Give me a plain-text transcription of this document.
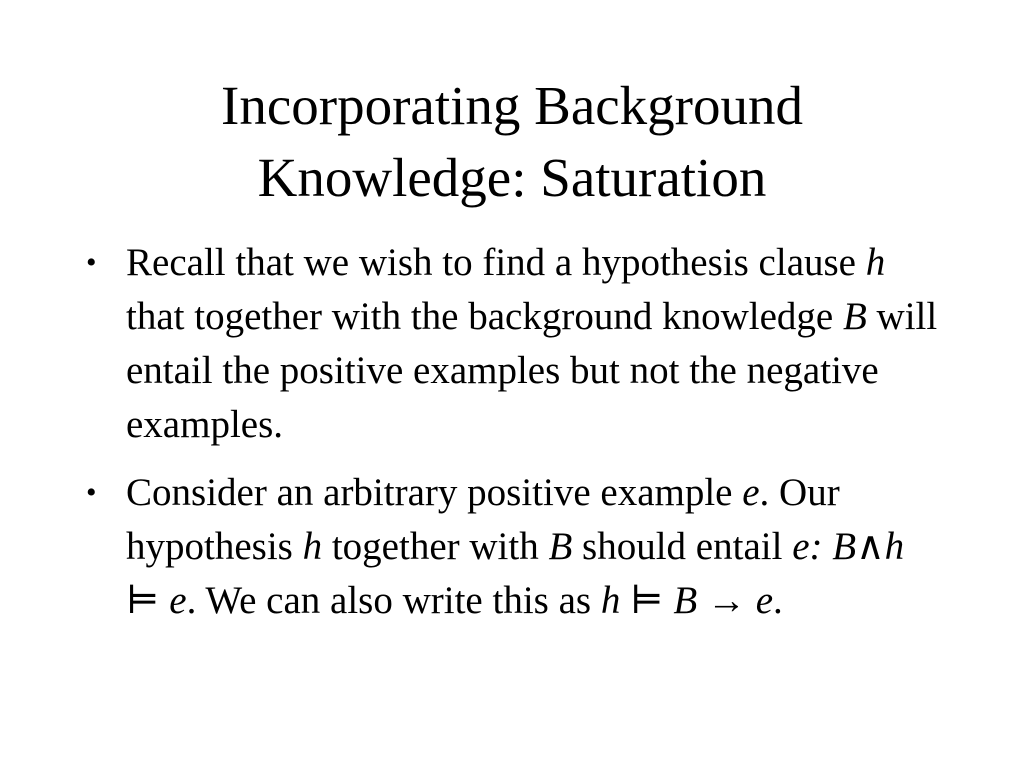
Incorporating Background
Knowledge: Saturation
• Recall that we wish to find a hypothesis clause h that together with the background knowledge B will entail the positive examples but not the negative examples.
• Consider an arbitrary positive example e. Our hypothesis h together with B should entail e: B∧h ⊨ e. We can also write this as h ⊨ B → e.
